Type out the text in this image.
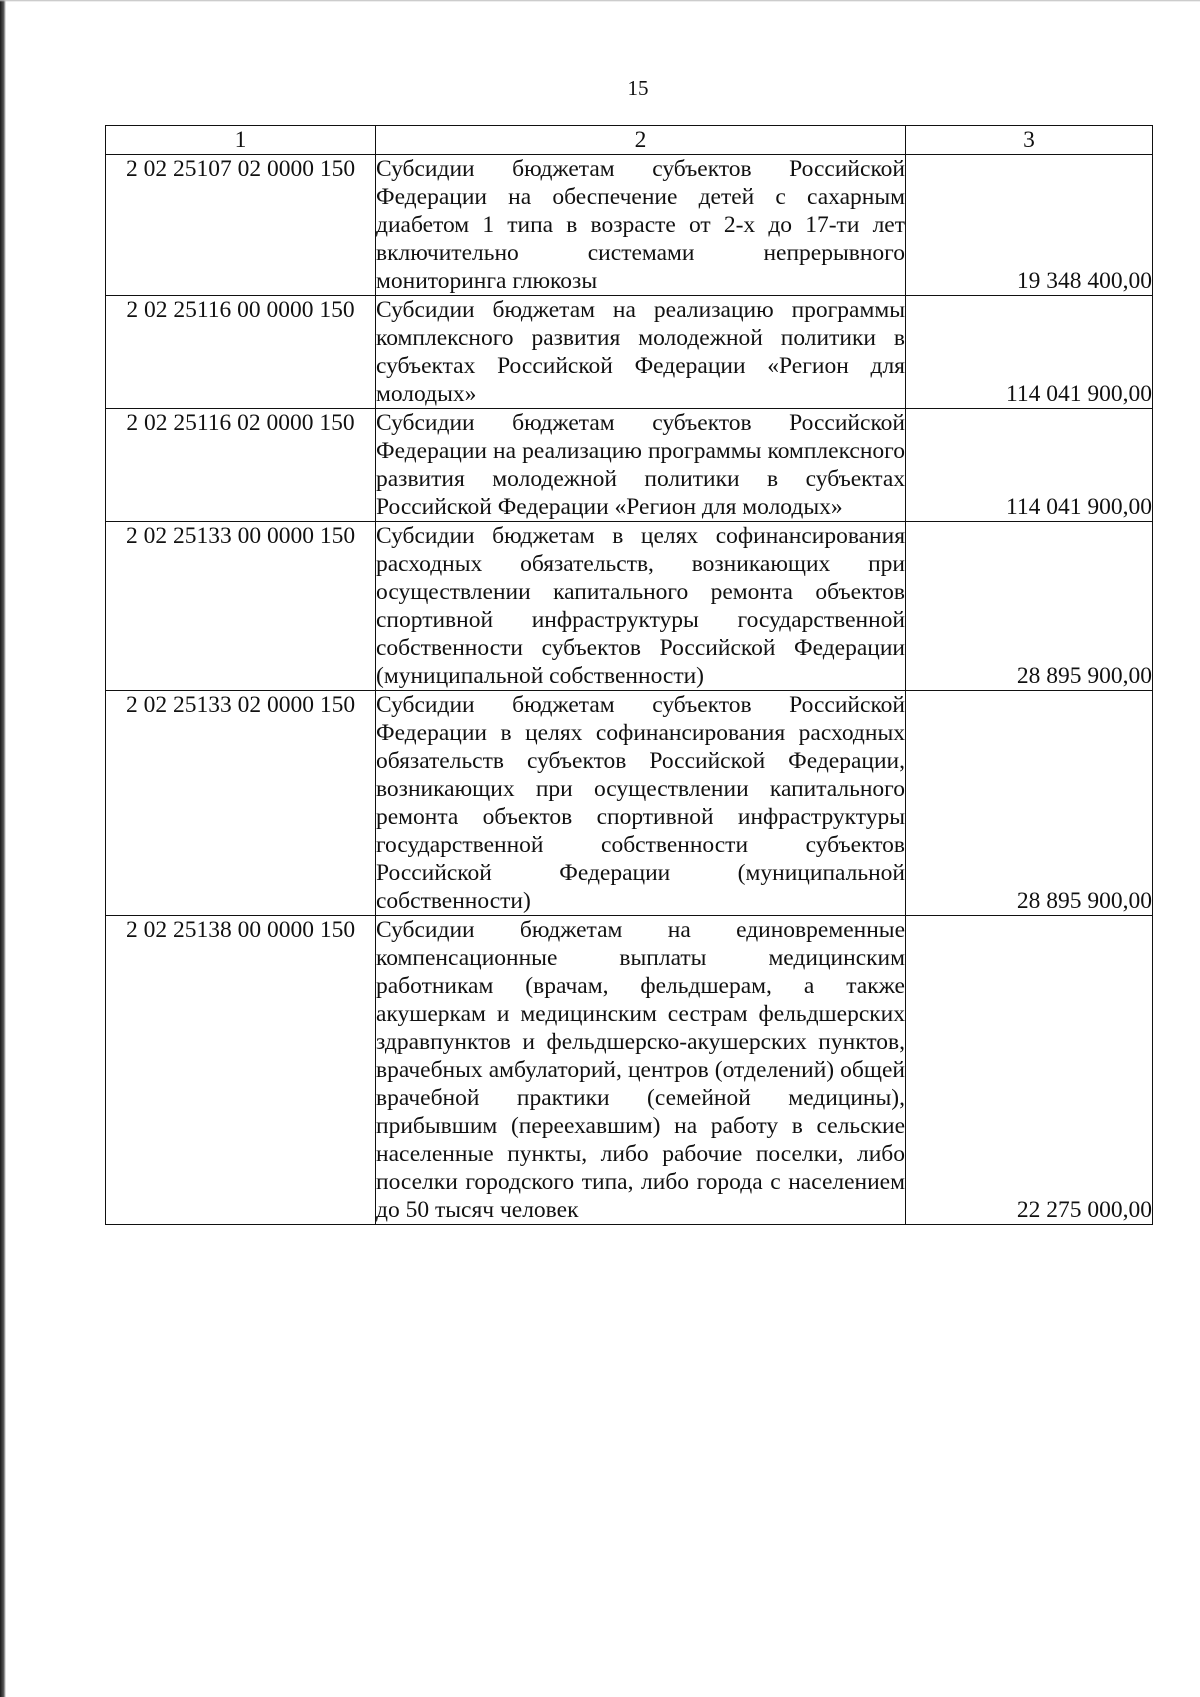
15
1	2	3
2 02 25107 02 0000 150	Субсидии бюджетам субъектов Российской Федерации на обеспечение детей с сахарным диабетом 1 типа в возрасте от 2-х до 17-ти лет включительно системами непрерывного мониторинга глюкозы	19 348 400,00
2 02 25116 00 0000 150	Субсидии бюджетам на реализацию программы комплексного развития молодежной политики в субъектах Российской Федерации «Регион для молодых»	114 041 900,00
2 02 25116 02 0000 150	Субсидии бюджетам субъектов Российской Федерации на реализацию программы комплексного развития молодежной политики в субъектах Российской Федерации «Регион для молодых»	114 041 900,00
2 02 25133 00 0000 150	Субсидии бюджетам в целях софинансирования расходных обязательств, возникающих при осуществлении капитального ремонта объектов спортивной инфраструктуры государственной собственности субъектов Российской Федерации (муниципальной собственности)	28 895 900,00
2 02 25133 02 0000 150	Субсидии бюджетам субъектов Российской Федерации в целях софинансирования расходных обязательств субъектов Российской Федерации, возникающих при осуществлении капитального ремонта объектов спортивной инфраструктуры государственной собственности субъектов Российской Федерации (муниципальной собственности)	28 895 900,00
2 02 25138 00 0000 150	Субсидии бюджетам на единовременные компенсационные выплаты медицинским работникам (врачам, фельдшерам, а также акушеркам и медицинским сестрам фельдшерских здравпунктов и фельдшерско-акушерских пунктов, врачебных амбулаторий, центров (отделений) общей врачебной практики (семейной медицины), прибывшим (переехавшим) на работу в сельские населенные пункты, либо рабочие поселки, либо поселки городского типа, либо города с населением до 50 тысяч человек	22 275 000,00
